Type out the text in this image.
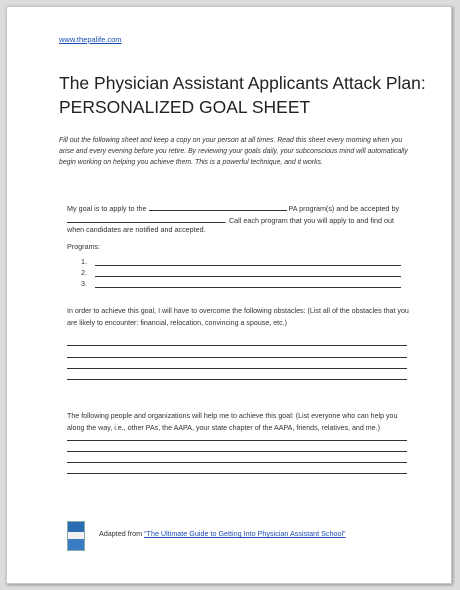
www.thepalife.com
The Physician Assistant Applicants Attack Plan: PERSONALIZED GOAL SHEET
Fill out the following sheet and keep a copy on your person at all times. Read this sheet every morning when you arise and every evening before you retire. By reviewing your goals daily, your subconscious mind will automatically begin working on helping you achieve them. This is a powerful technique, and it works.
My goal is to apply to the	PA program(s) and be accepted by
. Call each program that you will apply to and find out
when candidates are notified and accepted.
Programs:
1.
2.
3.
In order to achieve this goal, I will have to overcome the following obstacles: (List all of the obstacles that you are likely to encounter: financial, relocation, convincing a spouse, etc.)
The following people and organizations will help me to achieve this goal: (List everyone who can help you along the way, i.e., other PAs, the AAPA, your state chapter of the AAPA, friends, relatives, and me.)
Adapted from “The Ultimate Guide to Getting Into Physician Assistant School”
